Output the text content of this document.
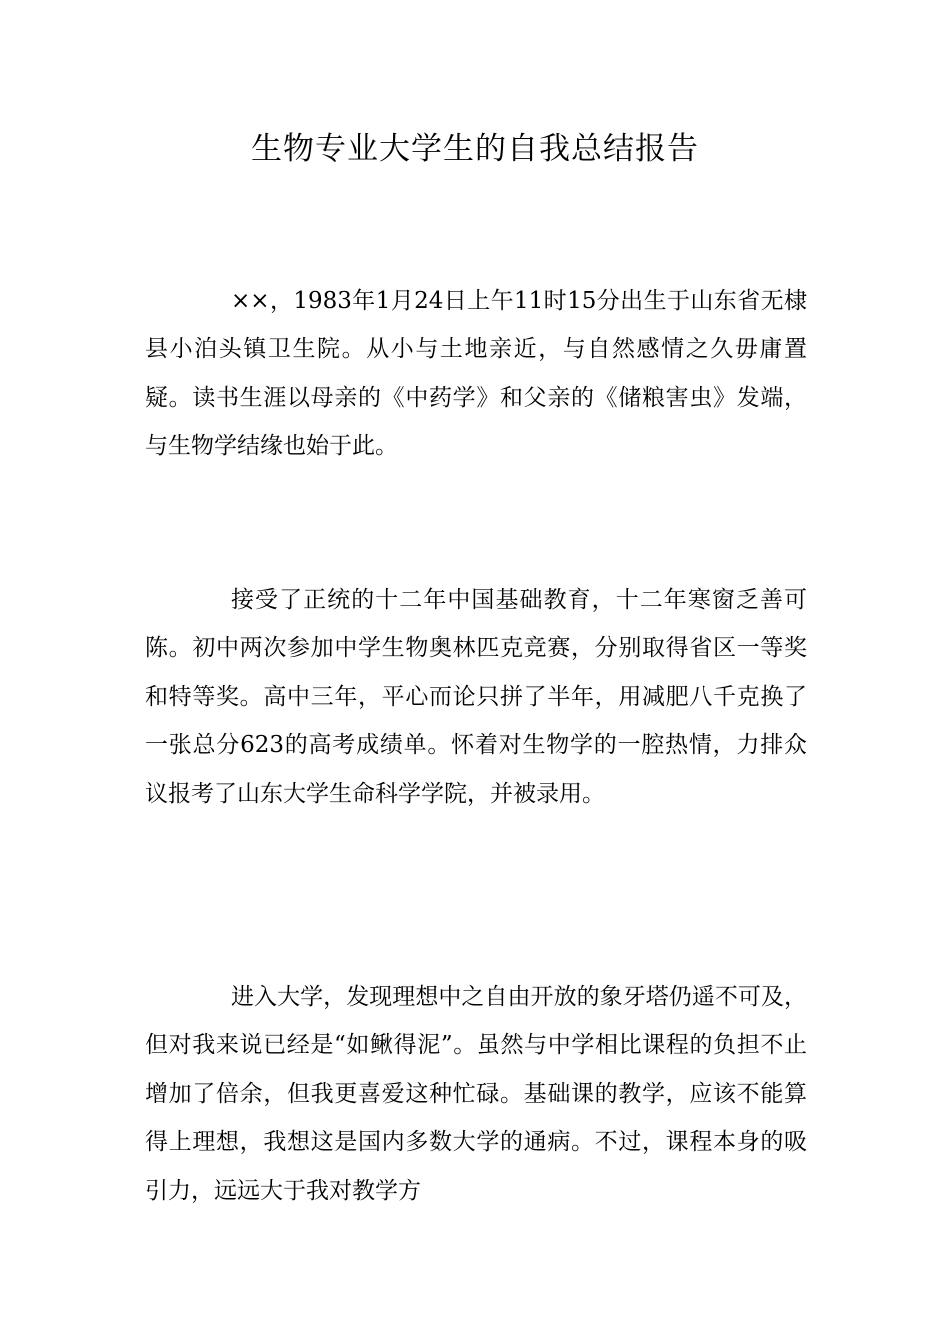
生物专业大学生的自我总结报告

××，1983年1月24日上午11时15分出生于山东省无棣县小泊头镇卫生院。从小与土地亲近，与自然感情之久毋庸置疑。读书生涯以母亲的《中药学》和父亲的《储粮害虫》发端，与生物学结缘也始于此。

接受了正统的十二年中国基础教育，十二年寒窗乏善可陈。初中两次参加中学生物奥林匹克竞赛，分别取得省区一等奖和特等奖。高中三年，平心而论只拼了半年，用减肥八千克换了一张总分623的高考成绩单。怀着对生物学的一腔热情，力排众议报考了山东大学生命科学学院，并被录用。

进入大学，发现理想中之自由开放的象牙塔仍遥不可及，但对我来说已经是“如鳅得泥”。虽然与中学相比课程的负担不止增加了倍余，但我更喜爱这种忙碌。基础课的教学，应该不能算得上理想，我想这是国内多数大学的通病。不过，课程本身的吸引力，远远大于我对教学方
